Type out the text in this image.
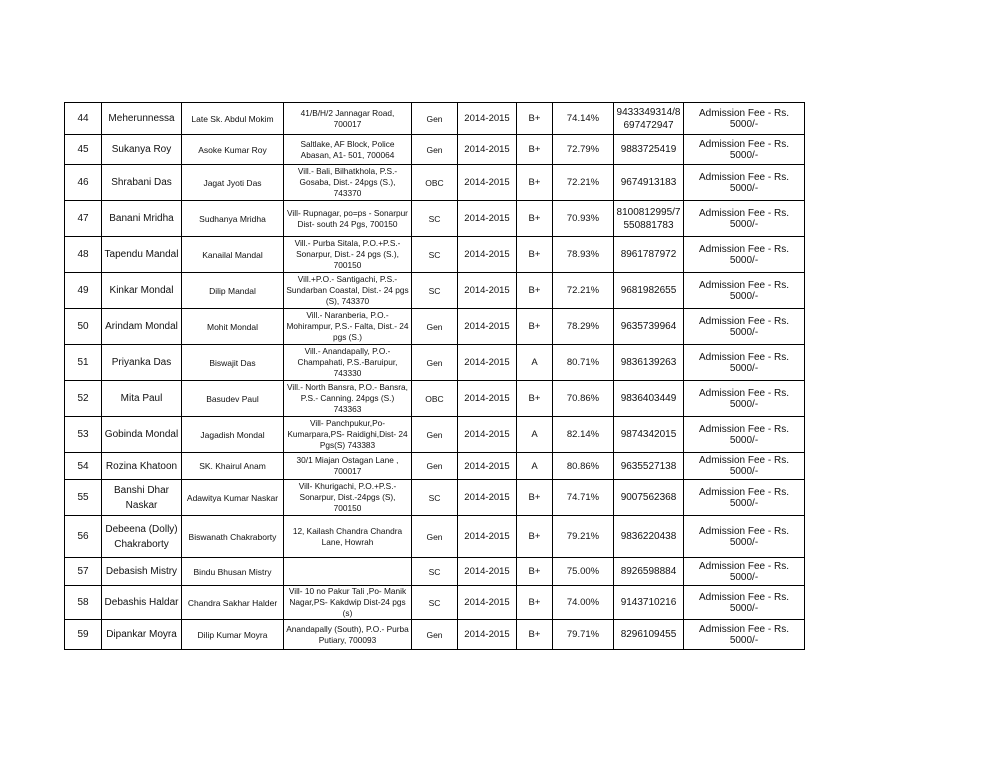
44	Meherunnessa	Late Sk. Abdul Mokim	41/B/H/2 Jannagar Road, 700017	Gen	2014-2015	B+	74.14%	9433349314/8697472947	Admission Fee - Rs. 5000/-
45	Sukanya Roy	Asoke Kumar Roy	Saltlake, AF Block, Police Abasan, A1- 501, 700064	Gen	2014-2015	B+	72.79%	9883725419	Admission Fee - Rs. 5000/-
46	Shrabani Das	Jagat Jyoti Das	Vill.- Bali, Bilhatkhola, P.S.- Gosaba, Dist.- 24pgs (S.), 743370	OBC	2014-2015	B+	72.21%	9674913183	Admission Fee - Rs. 5000/-
47	Banani Mridha	Sudhanya Mridha	Vill- Rupnagar, po=ps - Sonarpur Dist- south 24 Pgs, 700150	SC	2014-2015	B+	70.93%	8100812995/7550881783	Admission Fee - Rs. 5000/-
48	Tapendu Mandal	Kanailal Mandal	Vill.- Purba Sitala, P.O.+P.S.- Sonarpur, Dist.- 24 pgs (S.), 700150	SC	2014-2015	B+	78.93%	8961787972	Admission Fee - Rs. 5000/-
49	Kinkar Mondal	Dilip Mandal	Vill.+P.O.- Santigachi, P.S.- Sundarban Coastal, Dist.- 24 pgs (S), 743370	SC	2014-2015	B+	72.21%	9681982655	Admission Fee - Rs. 5000/-
50	Arindam Mondal	Mohit Mondal	Vill.- Naranberia, P.O.- Mohirampur, P.S.- Falta, Dist.- 24 pgs (S.)	Gen	2014-2015	B+	78.29%	9635739964	Admission Fee - Rs. 5000/-
51	Priyanka Das	Biswajit Das	Vill.- Anandapally, P.O.- Champahati, P.S.-Baruipur, 743330	Gen	2014-2015	A	80.71%	9836139263	Admission Fee - Rs. 5000/-
52	Mita Paul	Basudev Paul	Vill.- North Bansra, P.O.- Bansra, P.S.- Canning. 24pgs (S.) 743363	OBC	2014-2015	B+	70.86%	9836403449	Admission Fee - Rs. 5000/-
53	Gobinda Mondal	Jagadish Mondal	Vill- Panchpukur,Po- Kumarpara,PS- Raidighi,Dist- 24 Pgs(S) 743383	Gen	2014-2015	A	82.14%	9874342015	Admission Fee - Rs. 5000/-
54	Rozina Khatoon	SK. Khairul Anam	30/1 Miajan Ostagan Lane , 700017	Gen	2014-2015	A	80.86%	9635527138	Admission Fee - Rs. 5000/-
55	Banshi Dhar Naskar	Adawitya Kumar Naskar	Vill- Khurigachi, P.O.+P.S.- Sonarpur, Dist.-24pgs (S), 700150	SC	2014-2015	B+	74.71%	9007562368	Admission Fee - Rs. 5000/-
56	Debeena (Dolly) Chakraborty	Biswanath Chakraborty	12, Kailash Chandra Chandra Lane, Howrah	Gen	2014-2015	B+	79.21%	9836220438	Admission Fee - Rs. 5000/-
57	Debasish Mistry	Bindu Bhusan Mistry		SC	2014-2015	B+	75.00%	8926598884	Admission Fee - Rs. 5000/-
58	Debashis Haldar	Chandra Sakhar Halder	Vill- 10 no Pakur Tali ,Po- Manik Nagar,PS- Kakdwip Dist-24 pgs (s)	SC	2014-2015	B+	74.00%	9143710216	Admission Fee - Rs. 5000/-
59	Dipankar Moyra	Dilip Kumar Moyra	Anandapally (South), P.O.- Purba Putiary, 700093	Gen	2014-2015	B+	79.71%	8296109455	Admission Fee - Rs. 5000/-
